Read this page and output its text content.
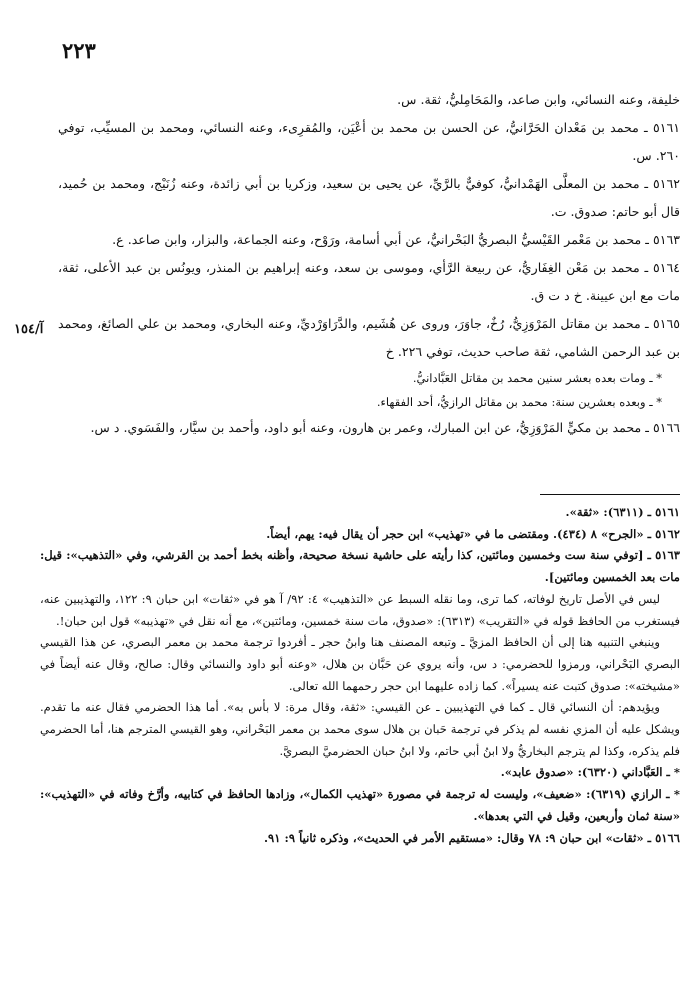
٢٢٣
آ/١٥٤

خليفة، وعنه النسائي، وابن صاعد، والمَحَامِليُّ، ثقة. س.

٥١٦١ ـ محمد بن مَعْدان الحَرَّانيُّ، عن الحسن بن محمد بن أعْيَن، والمُقرِىء، وعنه النسائي، ومحمد بن المسيِّب، توفي ٢٦٠. س.

٥١٦٢ ـ محمد بن المعلَّى الهَمْدانيُّ، كوفيٌّ بالرَّيِّ، عن يحيى بن سعيد، وزكريا بن أبي زائدة، وعنه زُنَيْج، ومحمد بن حُميد، قال أبو حاتم: صدوق. ت.

٥١٦٣ ـ محمد بن مَعْمر القَيْسيُّ البصريُّ البَحْرانيُّ، عن أبي أسامة، ورَوْح، وعنه الجماعة، والبزار، وابن صاعد. ع.

٥١٦٤ ـ محمد بن مَعْن الغِفَاريُّ، عن ربيعة الرَّأي، وموسى بن سعد، وعنه إبراهيم بن المنذر، ويونُس بن عبد الأعلى، ثقة، مات مع ابن عيينة. خ د ت ق.

٥١٦٥ ـ محمد بن مقاتل المَرْوَزِيُّ، رُخٌ، جاوَرَ، وروى عن هُشَيم، والدَّرَاوَرْديِّ، وعنه البخاري، ومحمد بن علي الصائغ، ومحمد بن عبد الرحمن الشامي، ثقة صاحب حديث، توفي ٢٢٦. خ

* ـ ومات بعده بعشر سنين محمد بن مقاتل العَبَّادانيُّ.

* ـ وبعده بعشرين سنة: محمد بن مقاتل الرازيُّ، أحد الفقهاء.

٥١٦٦ ـ محمد بن مكيٍّ المَرْوَزِيُّ، عن ابن المبارك، وعمر بن هارون، وعنه أبو داود، وأحمد بن سيَّار، والفَسَوي. د س.

٥١٦١ ـ (٦٣١١): «ثقة».

٥١٦٢ ـ «الجرح» ٨ (٤٣٤). ومقتضى ما في «تهذيب» ابن حجر أن يقال فيه: يهم، أيضاً.

٥١٦٣ ـ [توفي سنة ست وخمسين ومائتين، كذا رأيته على حاشية نسخة صحيحة، وأظنه بخط أحمد بن القرشي، وفي «التذهيب»: قيل: مات بعد الخمسين ومائتين].

ليس في الأصل تاريخ لوفاته، كما ترى، وما نقله السبط عن «التذهيب» ٤: ٩٢/ آ هو في «ثقات» ابن حبان ٩: ١٢٢، والتهذيبين عنه، فيستغرب من الحافظ قوله في «التقريب» (٦٣١٣): «صدوق، مات سنة خمسين، ومائتين»، مع أنه نقل في «تهذيبه» قول ابن حبان!.

وينبغي التنبيه هنا إلى أن الحافظ المزيَّ ـ وتبعه المصنف هنا وابنُ حجر ـ أفردوا ترجمة محمد بن معمر البصري، عن هذا القيسي البصري البَحْراني، ورمزوا للحضرمي: د س، وأنه يروي عن حَبَّان بن هلال، «وعنه أبو داود والنسائي وقال: صالح، وقال عنه أيضاً في «مشيخته»: صدوق كتبت عنه يسيراً». كما زاده عليهما ابن حجر رحمهما الله تعالى.

ويؤيدهم: أن النسائي قال ـ كما في التهذيبين ـ عن القيسي: «ثقة، وقال مرة: لا بأس به». أما هذا الحضرمي فقال عنه ما تقدم. ويشكل عليه أن المزي نفسه لم يذكر في ترجمة حَبان بن هلال سوى محمد بن معمر البَحْراني، وهو القيسي المترجم هنا، أما الحضرمي فلم يذكره، وكذا لم يترجم البخاريُّ ولا ابنُ أبي حاتم، ولا ابنُ حبان الحضرميَّ البصريَّ.

* ـ العَبَّاداني (٦٣٢٠): «صدوق عابد».

* ـ الرازي (٦٣١٩): «ضعيف»، وليست له ترجمة في مصورة «تهذيب الكمال»، وزادها الحافظ في كتابيه، وأرَّخ وفاته في «التهذيب»: «سنة ثمان وأربعين، وقيل في التي بعدها».

٥١٦٦ ـ «ثقات» ابن حبان ٩: ٧٨ وقال: «مستقيم الأمر في الحديث»، وذكره ثانياً ٩: ٩١.
